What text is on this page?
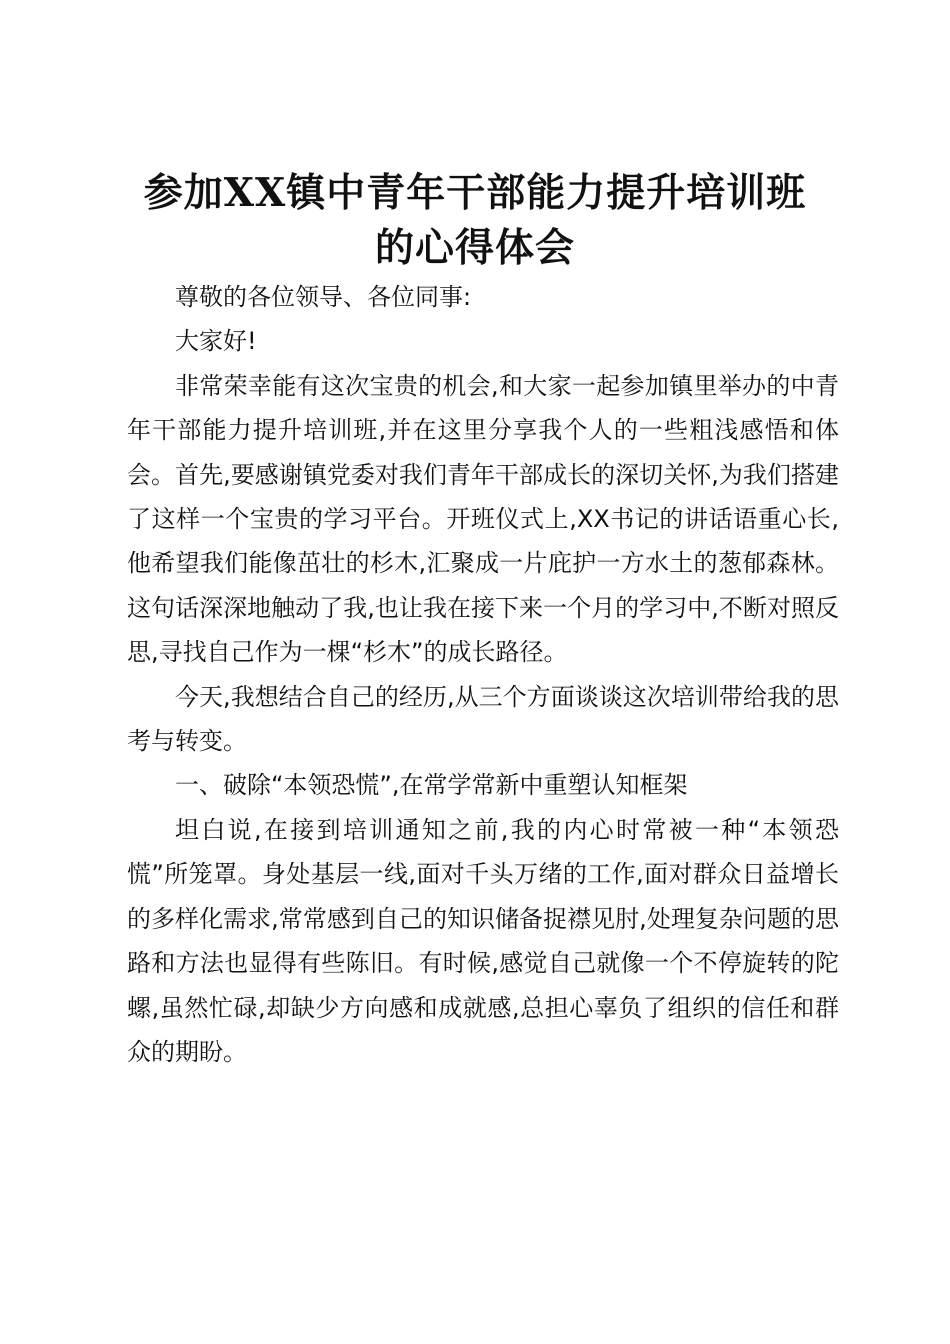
参加XX镇中青年干部能力提升培训班
的心得体会

尊敬的各位领导、各位同事:

大家好!

非常荣幸能有这次宝贵的机会,和大家一起参加镇里举办的中青年干部能力提升培训班,并在这里分享我个人的一些粗浅感悟和体会。首先,要感谢镇党委对我们青年干部成长的深切关怀,为我们搭建了这样一个宝贵的学习平台。开班仪式上,XX书记的讲话语重心长,他希望我们能像茁壮的杉木,汇聚成一片庇护一方水土的葱郁森林。这句话深深地触动了我,也让我在接下来一个月的学习中,不断对照反思,寻找自己作为一棵“杉木”的成长路径。

今天,我想结合自己的经历,从三个方面谈谈这次培训带给我的思考与转变。

一、破除“本领恐慌”,在常学常新中重塑认知框架

坦白说,在接到培训通知之前,我的内心时常被一种“本领恐慌”所笼罩。身处基层一线,面对千头万绪的工作,面对群众日益增长的多样化需求,常常感到自己的知识储备捉襟见肘,处理复杂问题的思路和方法也显得有些陈旧。有时候,感觉自己就像一个不停旋转的陀螺,虽然忙碌,却缺少方向感和成就感,总担心辜负了组织的信任和群众的期盼。
